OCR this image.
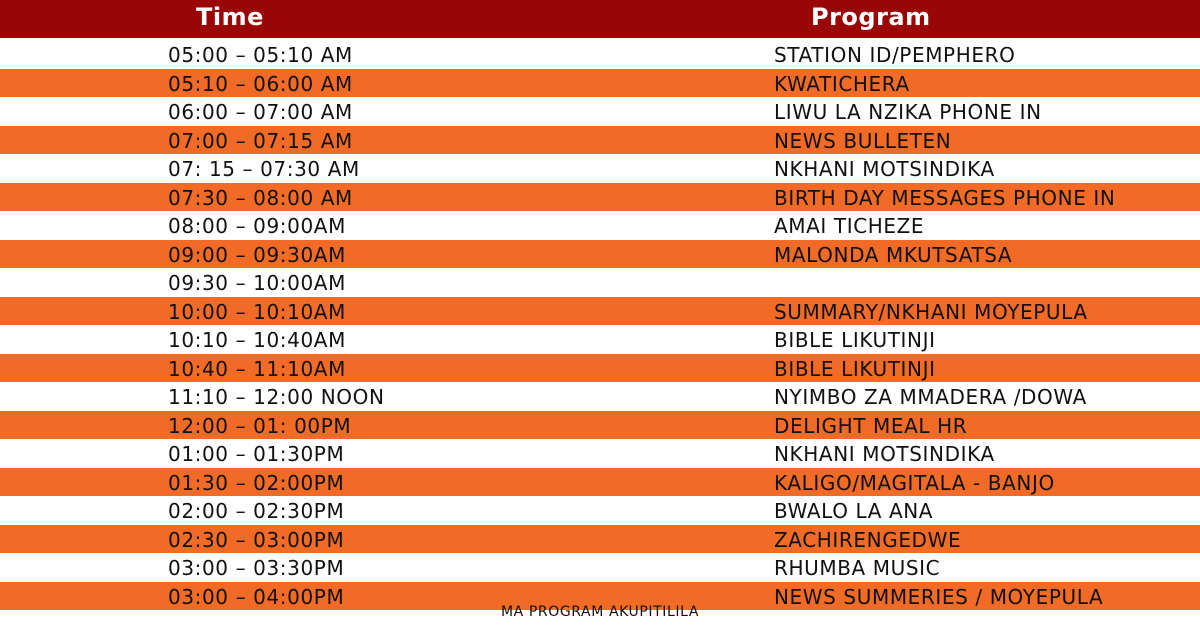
Time	Program
05:00 – 05:10 AM	STATION ID/PEMPHERO
05:10 – 06:00 AM	KWATICHERA
06:00 – 07:00 AM	LIWU LA NZIKA PHONE IN
07:00 – 07:15 AM	NEWS BULLETEN
07: 15 – 07:30 AM	NKHANI MOTSINDIKA
07:30 – 08:00 AM	BIRTH DAY MESSAGES PHONE IN
08:00 – 09:00AM	AMAI TICHEZE
09:00 – 09:30AM	MALONDA MKUTSATSA
09:30 – 10:00AM
10:00 – 10:10AM	SUMMARY/NKHANI MOYEPULA
10:10 – 10:40AM	BIBLE LIKUTINJI
10:40 – 11:10AM	BIBLE LIKUTINJI
11:10 – 12:00 NOON	NYIMBO ZA MMADERA /DOWA
12:00 – 01: 00PM	DELIGHT MEAL HR
01:00 – 01:30PM	NKHANI MOTSINDIKA
01:30 – 02:00PM	KALIGO/MAGITALA - BANJO
02:00 – 02:30PM	BWALO LA ANA
02:30 – 03:00PM	ZACHIRENGEDWE
03:00 – 03:30PM	RHUMBA MUSIC
03:00 – 04:00PM	NEWS SUMMERIES / MOYEPULA
MA PROGRAM AKUPITILILA
